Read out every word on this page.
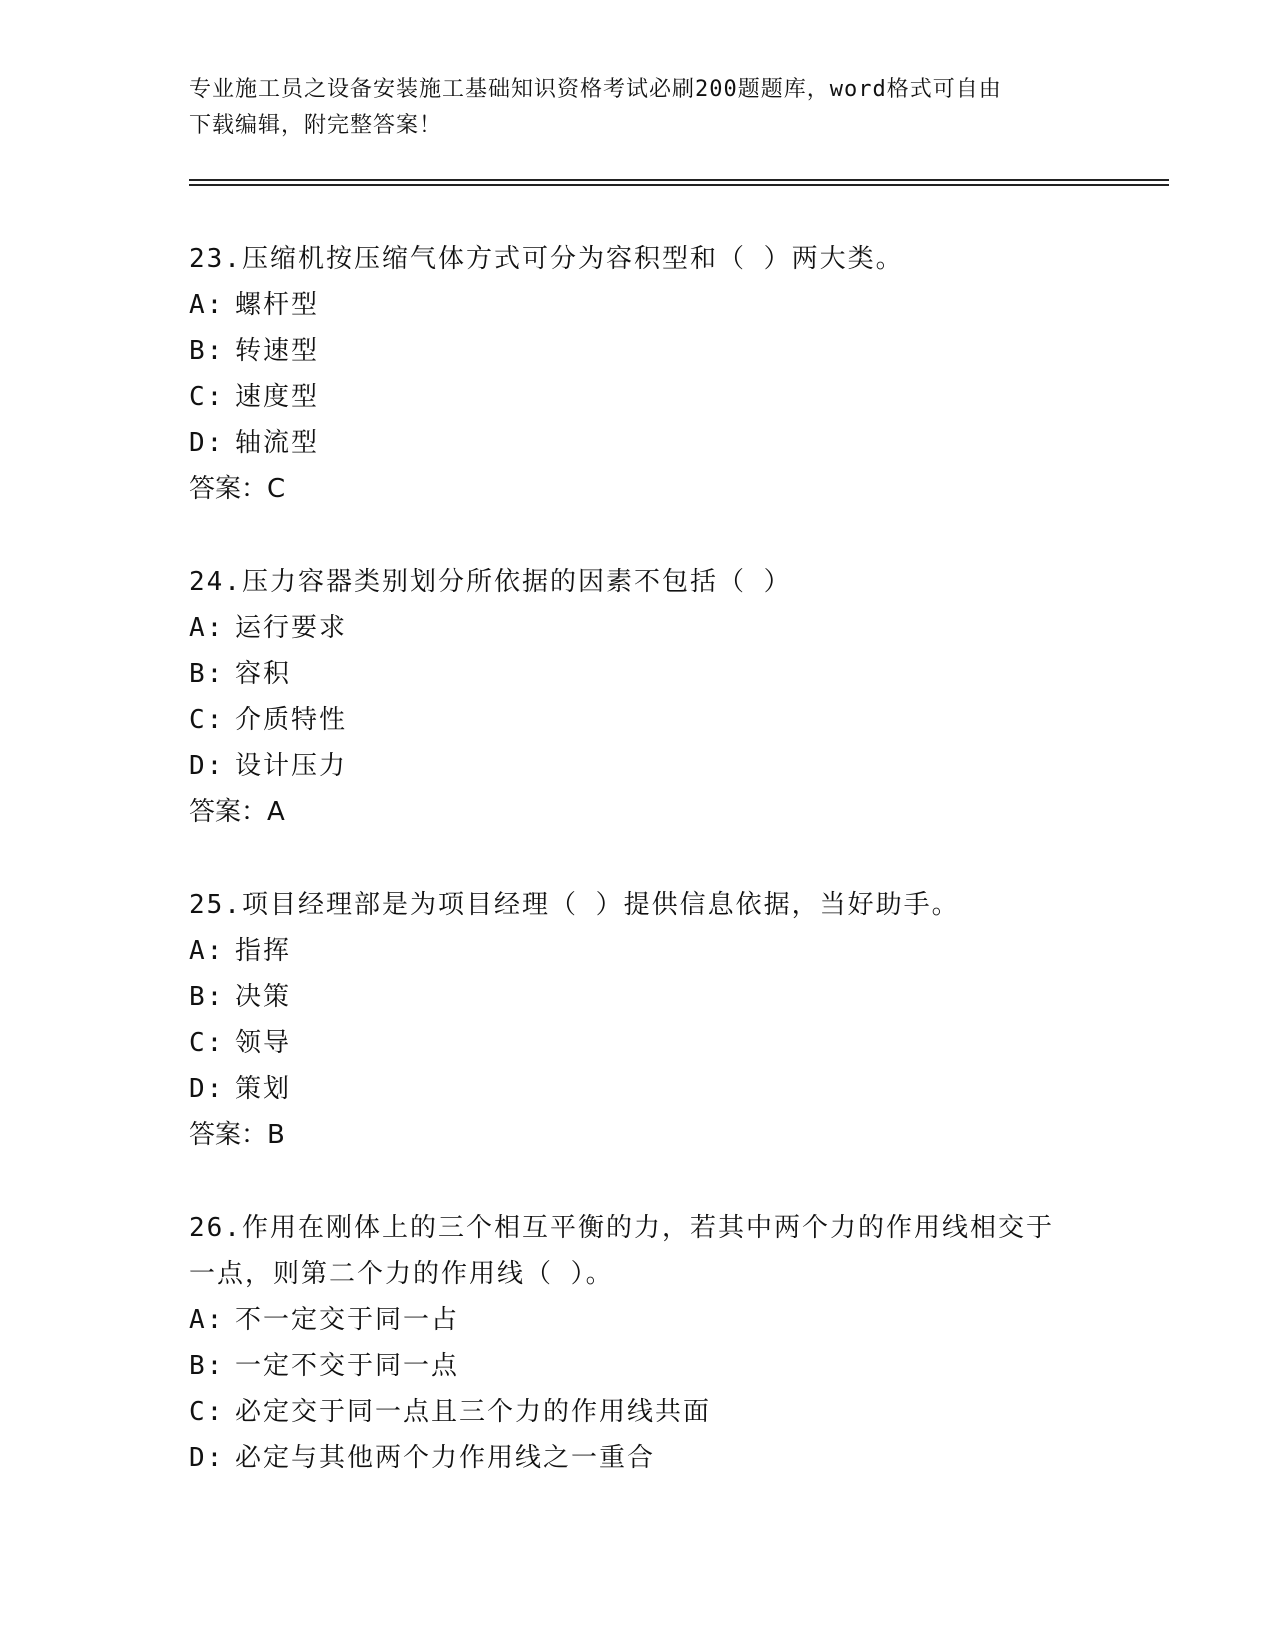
专业施工员之设备安装施工基础知识资格考试必刷200题题库，word格式可自由
下载编辑，附完整答案！

23.压缩机按压缩气体方式可分为容积型和（ ）两大类。

A: 螺杆型

B: 转速型

C: 速度型

D: 轴流型

答案：C

24.压力容器类别划分所依据的因素不包括（ ）

A: 运行要求

B: 容积

C: 介质特性

D: 设计压力

答案：A

25.项目经理部是为项目经理（ ）提供信息依据，当好助手。

A: 指挥

B: 决策

C: 领导

D: 策划

答案：B

26.作用在刚体上的三个相互平衡的力，若其中两个力的作用线相交于

一点，则第二个力的作用线（ ）。

A: 不一定交于同一占

B: 一定不交于同一点

C: 必定交于同一点且三个力的作用线共面

D: 必定与其他两个力作用线之一重合
